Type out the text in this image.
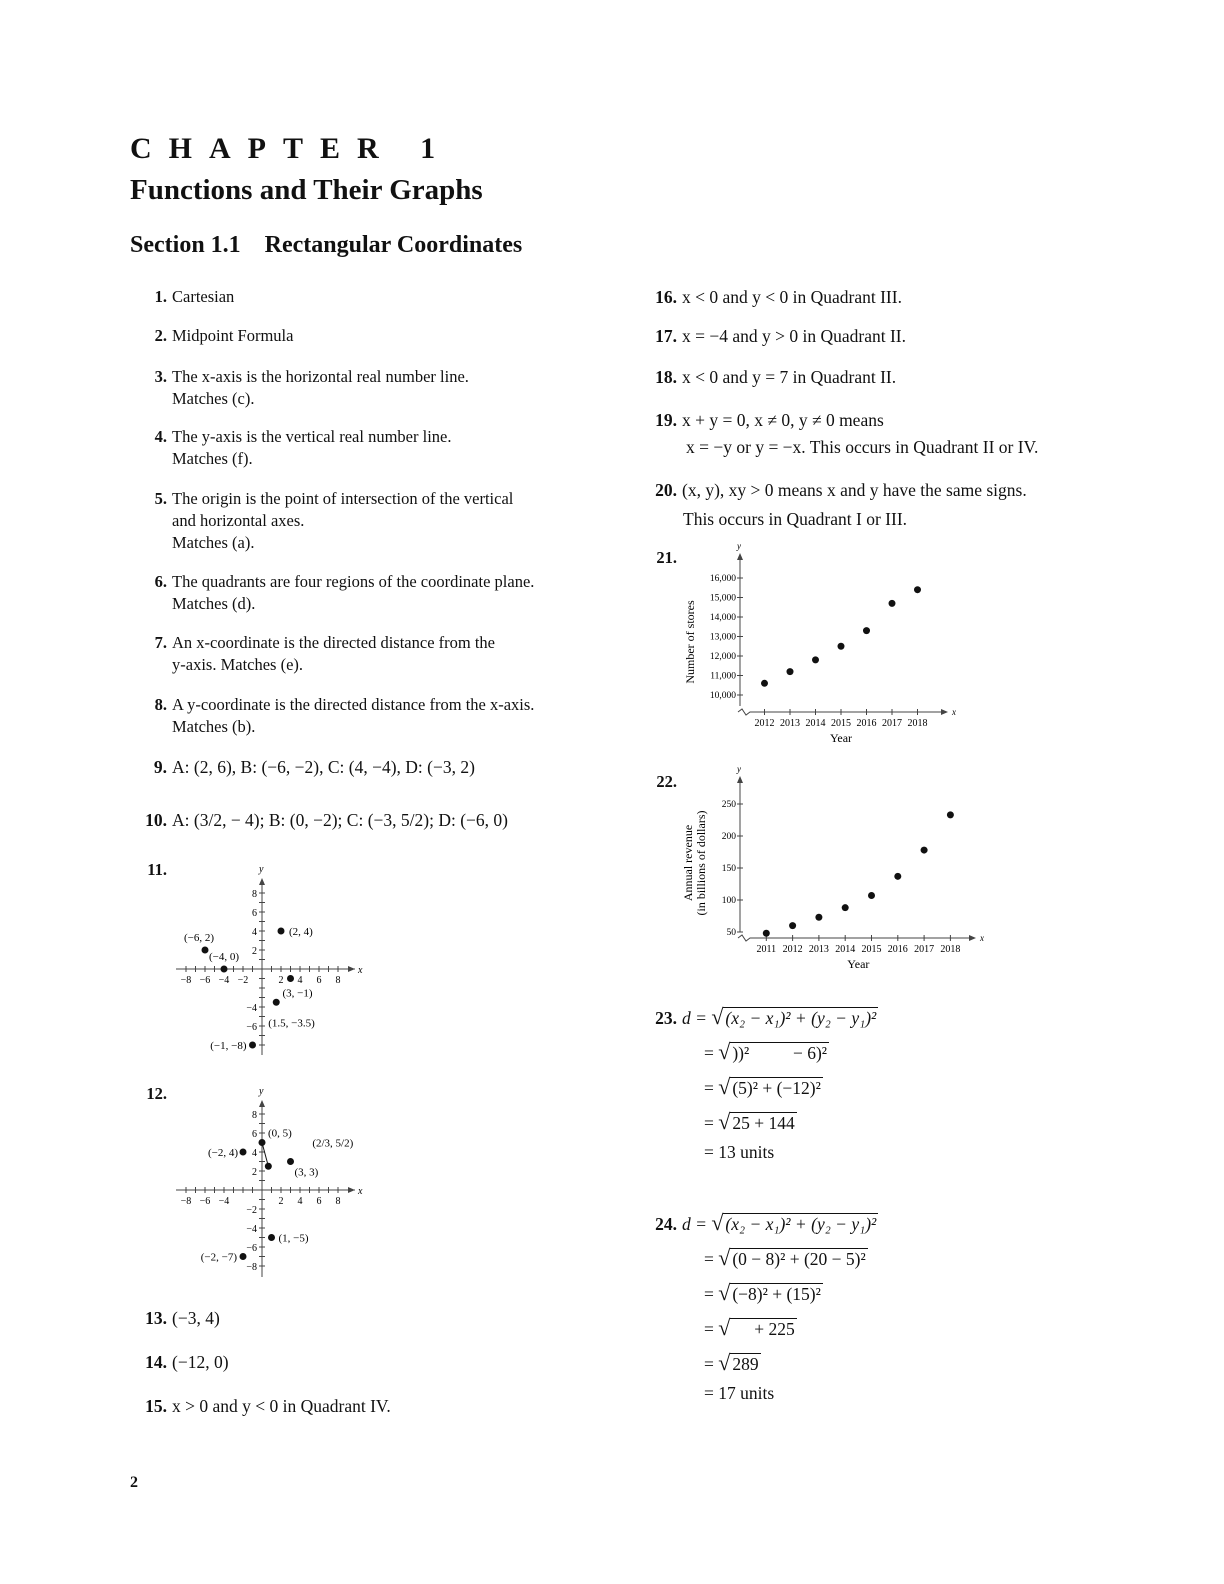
CHAPTER 1
Functions and Their Graphs
Section 1.1 Rectangular Coordinates
1. Cartesian
2. Midpoint Formula
3. The x-axis is the horizontal real number line.
Matches (c).
4. The y-axis is the vertical real number line.
Matches (f).
5. The origin is the point of intersection of the vertical
and horizontal axes.
Matches (a).
6. The quadrants are four regions of the coordinate plane.
Matches (d).
7. An x-coordinate is the directed distance from the
y-axis. Matches (e).
8. A y-coordinate is the directed distance from the x-axis.
Matches (b).
9. A: (2, 6), B: (−6, −2), C: (4, −4), D: (−3, 2)
10. A: (3/2, − 4); B: (0, −2); C: (−3, 5/2); D: (−6, 0)
11.
12.
x
y
−8 −6 −4 −2	2 4 6 8
8
6
4
2
−4
−6
(2, 4)
(−6, 2)
(−4, 0)
(3, −1)
(1.5, −3.5)
(−1, −8)
x
y
−8 −6 −4	2 4 6 8
8
6
4
2
−2
−4
−6
−8
(0, 5)
(2/3, 5/2)
(−2, 4)
(3, 3)
(1, −5)
(−2, −7)
13. (−3, 4)
14. (−12, 0)
15. x > 0 and y < 0 in Quadrant IV.
16. x < 0 and y < 0 in Quadrant III.
17. x = −4 and y > 0 in Quadrant II.
18. x < 0 and y = 7 in Quadrant II.
19. x + y = 0, x ≠ 0, y ≠ 0 means
x = −y or y = −x. This occurs in Quadrant II or IV.
20. (x, y), xy > 0 means x and y have the same signs.
This occurs in Quadrant I or III.
21.
x
y
2012 2013 2014 2015 2016 2017 2018
10,000
11,000
12,000
13,000
14,000
15,000
16,000
Year
Number of stores
22.
x
y
2011 2012 2013 2014 2015 2016 2017 2018
50
100
150
200
250
Year
Annual revenue (in billions of dollars)
23. d = √ (x₂ − x₁)² + (y₂ − y₁)²
= √ ))²          − 6)²
= √ (5)² + (−12)²
= √ 25 + 144
= 13 units
24. d = √ (x₂ − x₁)² + (y₂ − y₁)²
= √ (0 − 8)² + (20 − 5)²
= √ (−8)² + (15)²
= √     + 225
= √ 289
= 17 units
2
